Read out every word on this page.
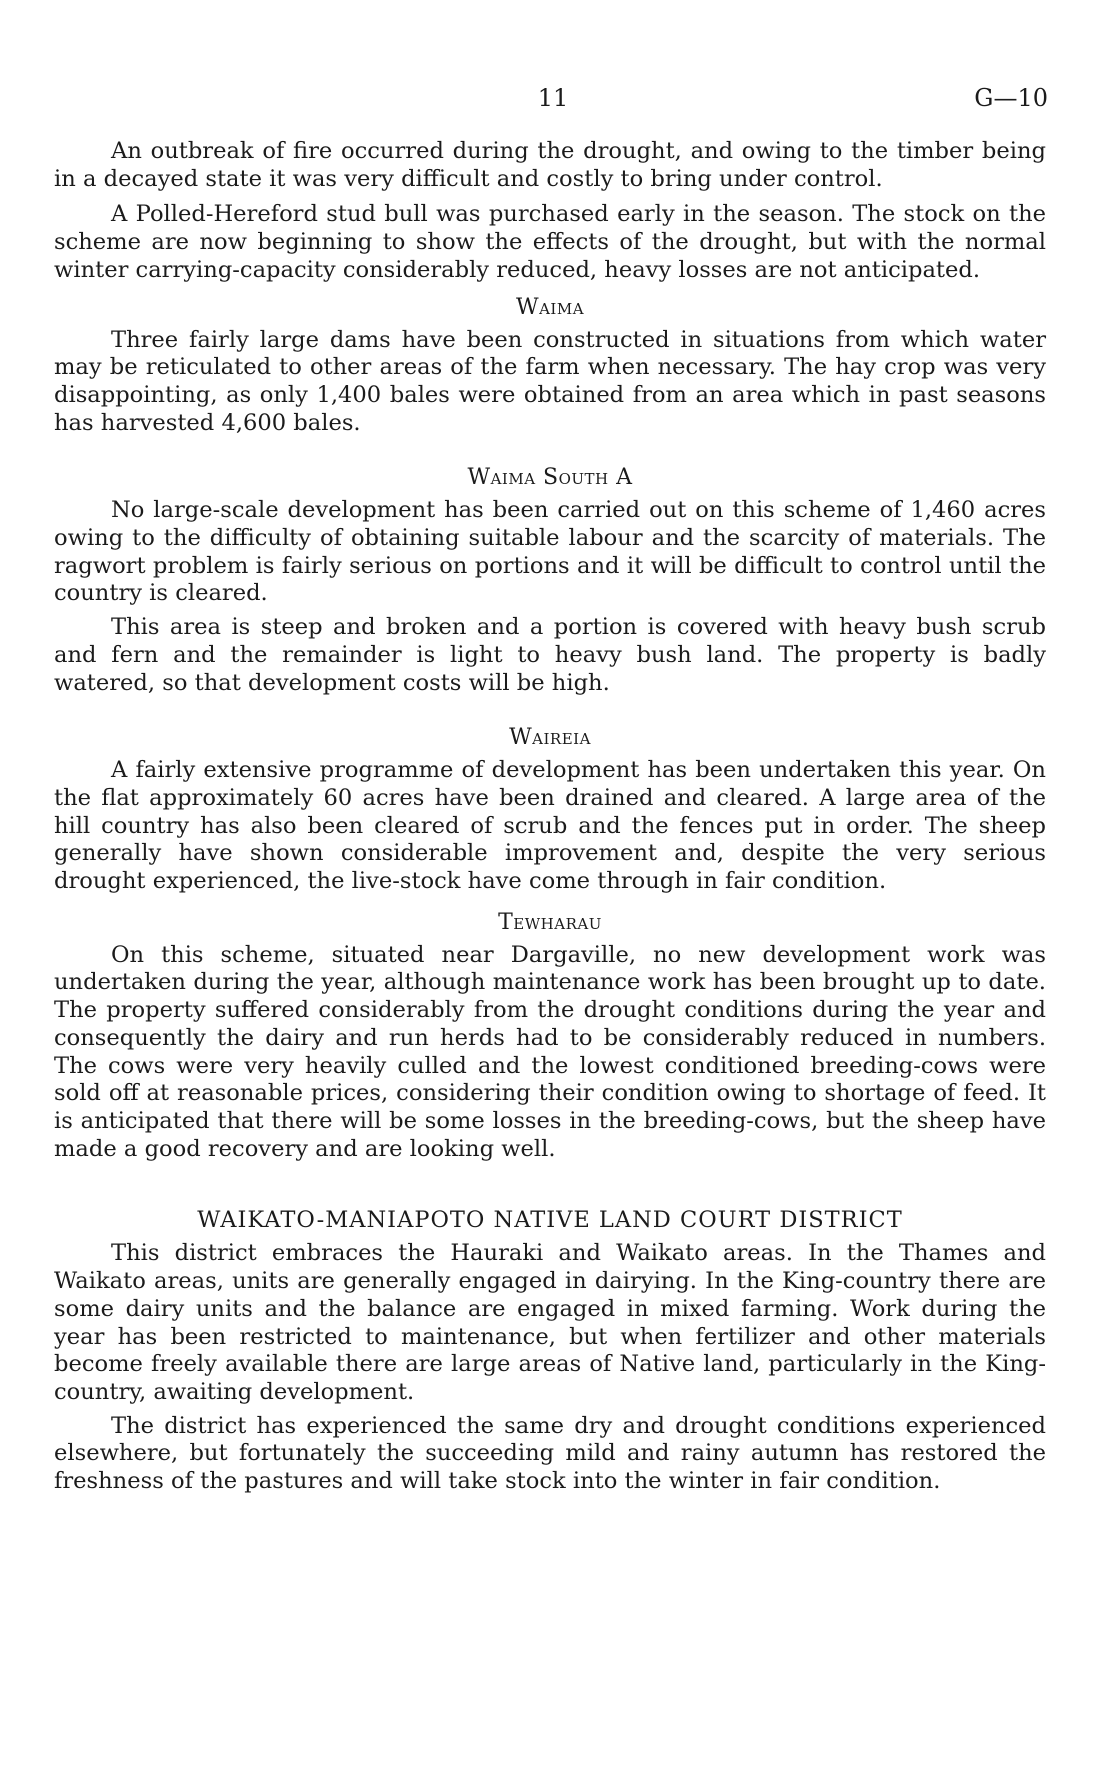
11	G—10

An outbreak of fire occurred during the drought, and owing to the timber being in a decayed state it was very difficult and costly to bring under control.

A Polled-Hereford stud bull was purchased early in the season. The stock on the scheme are now beginning to show the effects of the drought, but with the normal winter carrying-capacity considerably reduced, heavy losses are not anticipated.

Waima

Three fairly large dams have been constructed in situations from which water may be reticulated to other areas of the farm when necessary. The hay crop was very disappointing, as only 1,400 bales were obtained from an area which in past seasons has harvested 4,600 bales.

Waima South A

No large-scale development has been carried out on this scheme of 1,460 acres owing to the difficulty of obtaining suitable labour and the scarcity of materials. The ragwort problem is fairly serious on portions and it will be difficult to control until the country is cleared.

This area is steep and broken and a portion is covered with heavy bush scrub and fern and the remainder is light to heavy bush land. The property is badly watered, so that development costs will be high.

Waireia

A fairly extensive programme of development has been undertaken this year. On the flat approximately 60 acres have been drained and cleared. A large area of the hill country has also been cleared of scrub and the fences put in order. The sheep generally have shown considerable improvement and, despite the very serious drought experienced, the live-stock have come through in fair condition.

Tewharau

On this scheme, situated near Dargaville, no new development work was undertaken during the year, although maintenance work has been brought up to date. The property suffered considerably from the drought conditions during the year and consequently the dairy and run herds had to be considerably reduced in numbers. The cows were very heavily culled and the lowest conditioned breeding-cows were sold off at reasonable prices, considering their condition owing to shortage of feed. It is anticipated that there will be some losses in the breeding-cows, but the sheep have made a good recovery and are looking well.

WAIKATO-MANIAPOTO NATIVE LAND COURT DISTRICT

This district embraces the Hauraki and Waikato areas. In the Thames and Waikato areas, units are generally engaged in dairying. In the King-country there are some dairy units and the balance are engaged in mixed farming. Work during the year has been restricted to maintenance, but when fertilizer and other materials become freely available there are large areas of Native land, particularly in the King-country, awaiting development.

The district has experienced the same dry and drought conditions experienced elsewhere, but fortunately the succeeding mild and rainy autumn has restored the freshness of the pastures and will take stock into the winter in fair condition.
